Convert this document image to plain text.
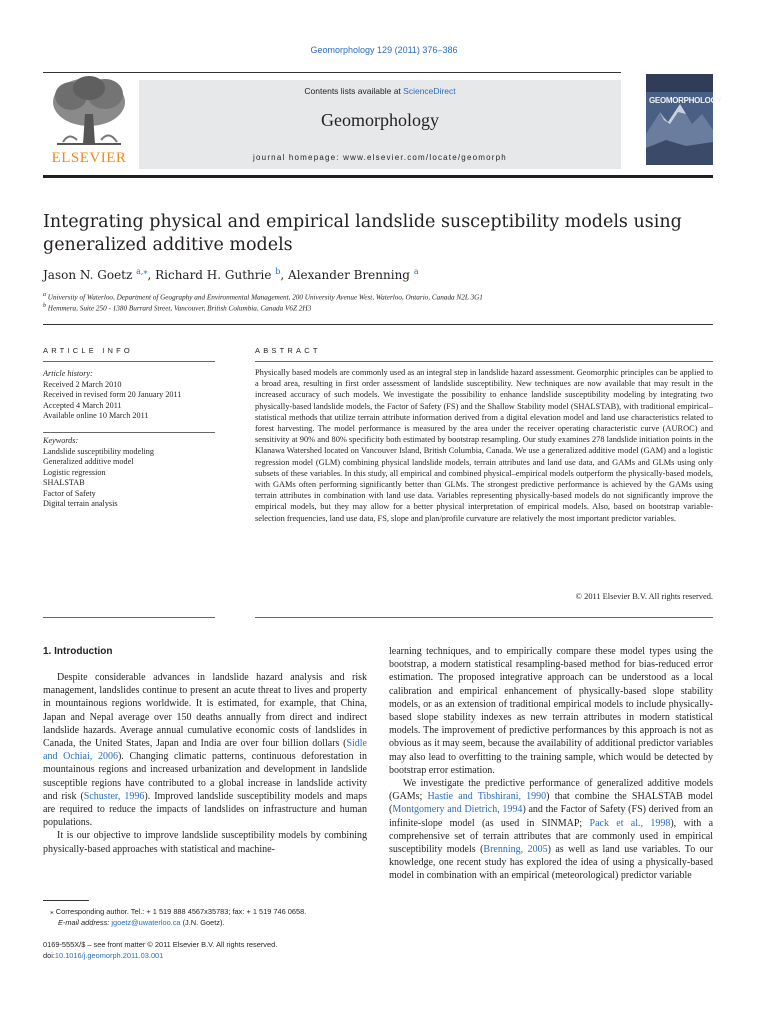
Geomorphology 129 (2011) 376–386
ELSEVIER
Contents lists available at ScienceDirect
Geomorphology
journal homepage: www.elsevier.com/locate/geomorph
GEOMORPHOLOGY
Integrating physical and empirical landslide susceptibility models using generalized additive models
Jason N. Goetz $^{a,⁎}$, Richard H. Guthrie $^b$, Alexander Brenning $^a$
$^a$ University of Waterloo, Department of Geography and Environmental Management, 200 University Avenue West, Waterloo, Ontario, Canada N2L 3G1
$^b$ Hemmera, Suite 250 - 1380 Burrard Street, Vancouver, British Columbia, Canada V6Z 2H3
ARTICLE INFO
Article history:
Received 2 March 2010
Received in revised form 20 January 2011
Accepted 4 March 2011
Available online 10 March 2011
Keywords:
Landslide susceptibility modeling
Generalized additive model
Logistic regression
SHALSTAB
Factor of Safety
Digital terrain analysis
ABSTRACT
Physically based models are commonly used as an integral step in landslide hazard assessment. Geomorphic principles can be applied to a broad area, resulting in first order assessment of landslide susceptibility. New techniques are now available that may result in the increased accuracy of such models. We investigate the possibility to enhance landslide susceptibility modeling by integrating two physically-based landslide models, the Factor of Safety (FS) and the Shallow Stability model (SHALSTAB), with traditional empirical–statistical methods that utilize terrain attribute information derived from a digital elevation model and land use characteristics related to forest harvesting. The model performance is measured by the area under the receiver operating characteristic curve (AUROC) and sensitivity at 90% and 80% specificity both estimated by bootstrap resampling. Our study examines 278 landslide initiation points in the Klanawa Watershed located on Vancouver Island, British Columbia, Canada. We use a generalized additive model (GAM) and a logistic regression model (GLM) combining physical landslide models, terrain attributes and land use data, and GAMs and GLMs using only subsets of these variables. In this study, all empirical and combined physical–empirical models outperform the physically-based models, with GAMs often performing significantly better than GLMs. The strongest predictive performance is achieved by the GAMs using terrain attributes in combination with land use data. Variables representing physically-based models do not significantly improve the empirical models, but they may allow for a better physical interpretation of empirical models. Also, based on bootstrap variable-selection frequencies, land use data, FS, slope and plan/profile curvature are relatively the most important predictor variables.
© 2011 Elsevier B.V. All rights reserved.
1. Introduction

Despite considerable advances in landslide hazard analysis and risk management, landslides continue to present an acute threat to lives and property in mountainous regions worldwide. It is estimated, for example, that China, Japan and Nepal average over 150 deaths annually from direct and indirect landslide hazards. Average annual cumulative economic costs of landslides in Canada, the United States, Japan and India are over four billion dollars (Sidle and Ochiai, 2006). Changing climatic patterns, continuous deforestation in mountainous regions and increased urbanization and development in landslide susceptible regions have contributed to a global increase in landslide activity and risk (Schuster, 1996). Improved landslide susceptibility models and maps are required to reduce the impacts of landslides on infrastructure and human populations.

It is our objective to improve landslide susceptibility models by combining physically-based approaches with statistical and machine-

learning techniques, and to empirically compare these model types using the bootstrap, a modern statistical resampling-based method for bias-reduced error estimation. The proposed integrative approach can be understood as a local calibration and empirical enhancement of physically-based slope stability models, or as an extension of traditional empirical models to include physically-based slope stability indexes as new terrain attributes in modern statistical models. The improvement of predictive performances by this approach is not as obvious as it may seem, because the availability of additional predictor variables may also lead to overfitting to the training sample, which would be detected by bootstrap error estimation.

We investigate the predictive performance of generalized additive models (GAMs; Hastie and Tibshirani, 1990) that combine the SHALSTAB model (Montgomery and Dietrich, 1994) and the Factor of Safety (FS) derived from an infinite-slope model (as used in SINMAP; Pack et al., 1998), with a comprehensive set of terrain attributes that are commonly used in empirical susceptibility models (Brenning, 2005) as well as land use variables. To our knowledge, one recent study has explored the idea of using a physically-based model in combination with an empirical (meteorological) predictor variable

⁎ Corresponding author. Tel.: + 1 519 888 4567x35783; fax: + 1 519 746 0658.
E-mail address: jgoetz@uwaterloo.ca (J.N. Goetz).
0169-555X/$ – see front matter © 2011 Elsevier B.V. All rights reserved.
doi:10.1016/j.geomorph.2011.03.001
